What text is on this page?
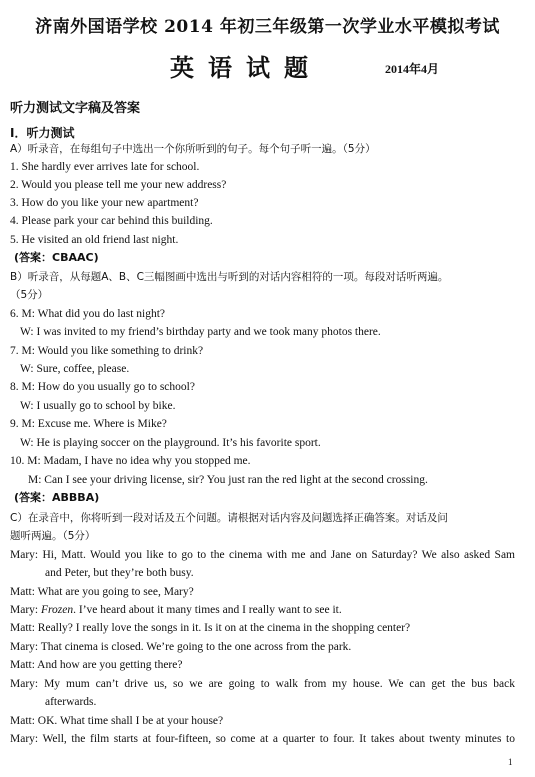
济南外国语学校 2014 年初三年级第一次学业水平模拟考试
英语试题	2014年4月
听力测试文字稿及答案
I．听力测试
A）听录音，在每组句子中选出一个你所听到的句子。每个句子听一遍。（5分）
1. She hardly ever arrives late for school.
2. Would you please tell me your new address?
3. How do you like your new apartment?
4. Please park your car behind this building.
5. He visited an old friend last night.
(答案：CBAAC)
B）听录音，从每题A、B、C三幅图画中选出与听到的对话内容相符的一项。每段对话听两遍。
（5分）
6. M: What did you do last night?
W: I was invited to my friend’s birthday party and we took many photos there.
7. M: Would you like something to drink?
W: Sure, coffee, please.
8. M: How do you usually go to school?
W: I usually go to school by bike.
9. M: Excuse me. Where is Mike?
W: He is playing soccer on the playground. It’s his favorite sport.
10. M: Madam, I have no idea why you stopped me.
M: Can I see your driving license, sir? You just ran the red light at the second crossing.
(答案：ABBBA)
C）在录音中，你将听到一段对话及五个问题。请根据对话内容及问题选择正确答案。对话及问
题听两遍。（5分）
Mary: Hi, Matt. Would you like to go to the cinema with me and Jane on Saturday? We also asked Sam
and Peter, but they’re both busy.
Matt: What are you going to see, Mary?
Mary: Frozen. I’ve heard about it many times and I really want to see it.
Matt: Really? I really love the songs in it. Is it on at the cinema in the shopping center?
Mary: That cinema is closed. We’re going to the one across from the park.
Matt: And how are you getting there?
Mary: My mum can’t drive us, so we are going to walk from my house. We can get the bus back
afterwards.
Matt: OK. What time shall I be at your house?
Mary: Well, the film starts at four-fifteen, so come at a quarter to four. It takes about twenty minutes to
1
